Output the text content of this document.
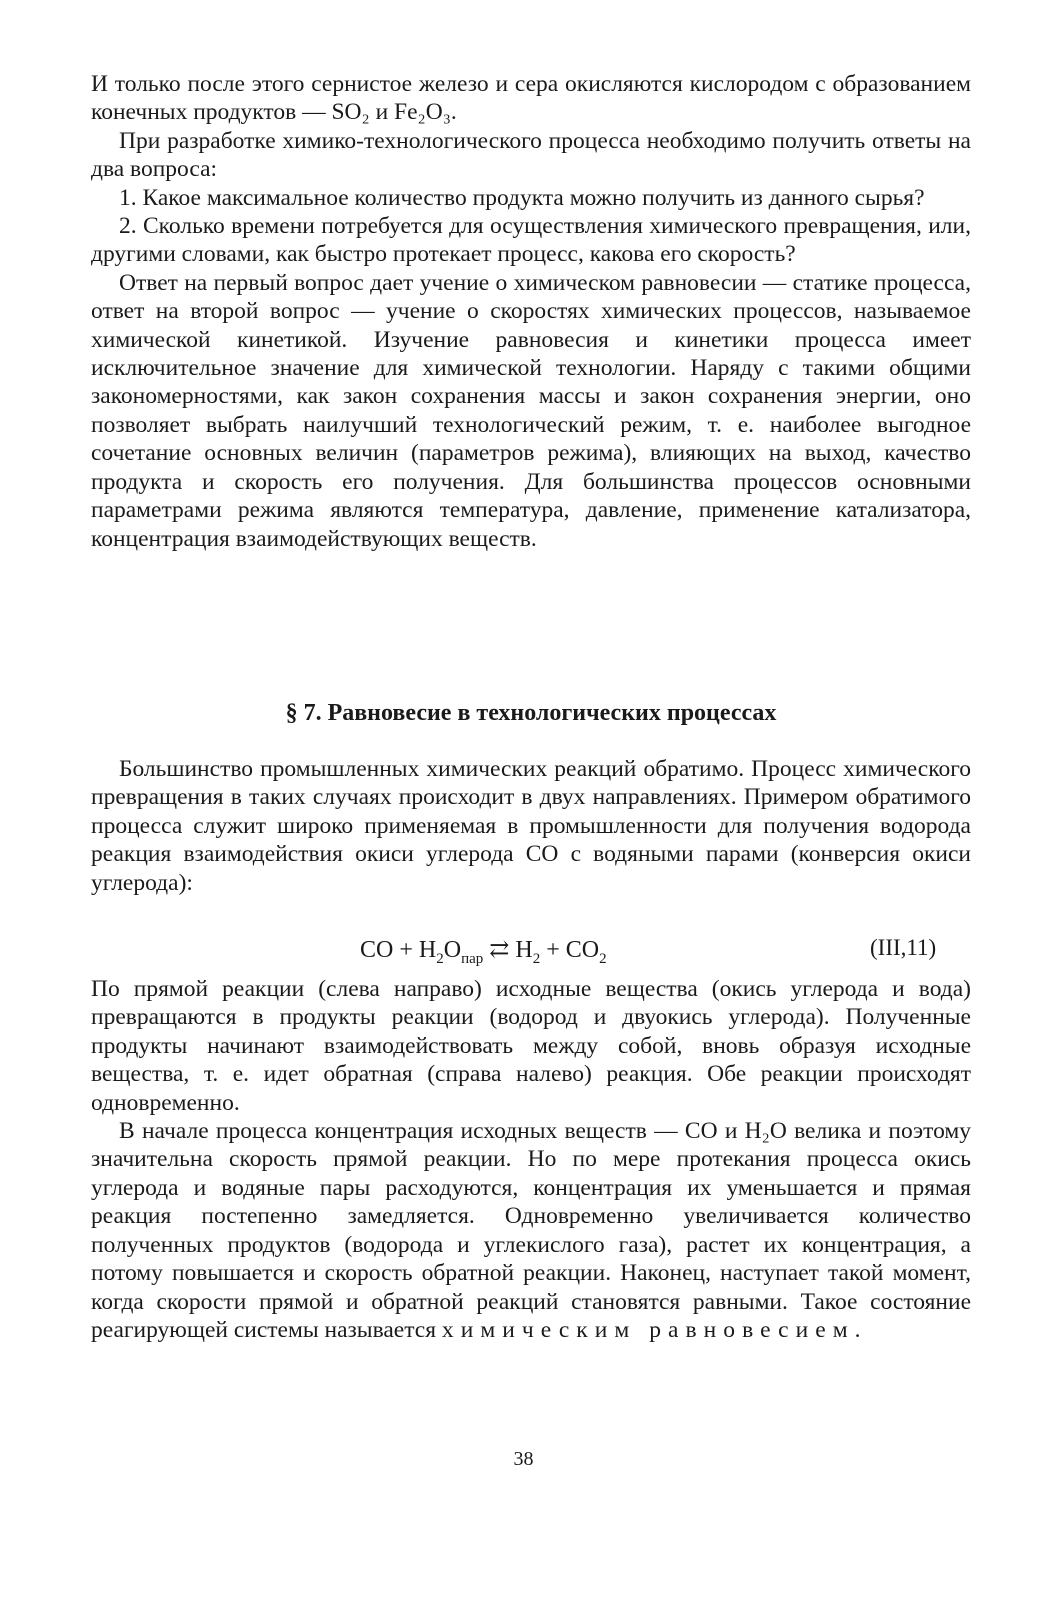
И только после этого сернистое железо и сера окисляются кислородом с образованием конечных продуктов — SO₂ и Fe₂O₃.

При разработке химико-технологического процесса необходимо получить ответы на два вопроса:

1. Какое максимальное количество продукта можно получить из данного сырья?

2. Сколько времени потребуется для осуществления химического превращения, или, другими словами, как быстро протекает процесс, какова его скорость?

Ответ на первый вопрос дает учение о химическом равновесии — статике процесса, ответ на второй вопрос — учение о скоростях химических процессов, называемое химической кинетикой. Изучение равновесия и кинетики процесса имеет исключительное значение для химической технологии. Наряду с такими общими закономерностями, как закон сохранения массы и закон сохранения энергии, оно позволяет выбрать наилучший технологический режим, т. е. наиболее выгодное сочетание основных величин (параметров режима), влияющих на выход, качество продукта и скорость его получения. Для большинства процессов основными параметрами режима являются температура, давление, применение катализатора, концентрация взаимодействующих веществ.

§ 7. Равновесие в технологических процессах

Большинство промышленных химических реакций обратимо. Процесс химического превращения в таких случаях происходит в двух направлениях. Примером обратимого процесса служит широко применяемая в промышленности для получения водорода реакция взаимодействия окиси углерода CO с водяными парами (конверсия окиси углерода):

По прямой реакции (слева направо) исходные вещества (окись углерода и вода) превращаются в продукты реакции (водород и двуокись углерода). Полученные продукты начинают взаимодействовать между собой, вновь образуя исходные вещества, т. е. идет обратная (справа налево) реакция. Обе реакции происходят одновременно.

В начале процесса концентрация исходных веществ — CO и H₂O велика и поэтому значительна скорость прямой реакции. Но по мере протекания процесса окись углерода и водяные пары расходуются, концентрация их уменьшается и прямая реакция постепенно замедляется. Одновременно увеличивается количество полученных продуктов (водорода и углекислого газа), растет их концентрация, а потому повышается и скорость обратной реакции. Наконец, наступает такой момент, когда скорости прямой и обратной реакций становятся равными. Такое состояние реагирующей системы называется химическим равновесием.

CO + $H_2O_{пар}$ ⇄ $H_2 + CO_2$	(III,11)
38
